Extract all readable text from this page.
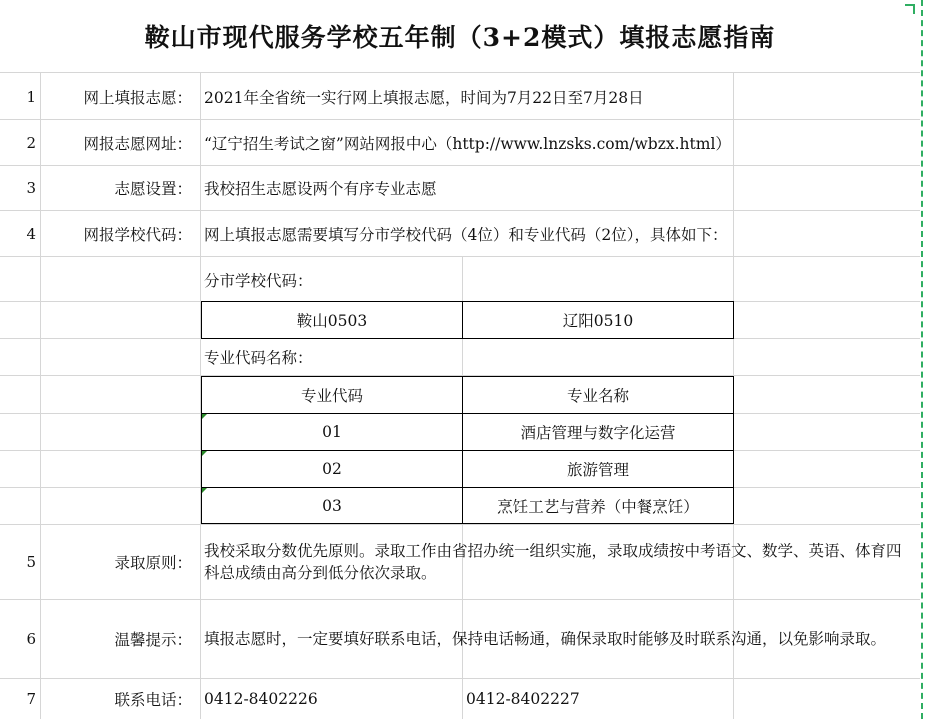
鞍山市现代服务学校五年制（3+2模式）填报志愿指南
1	网上填报志愿： 2021年全省统一实行网上填报志愿，时间为7月22日至7月28日
2	网报志愿网址： “辽宁招生考试之窗”网站网报中心（http://www.lnzsks.com/wbzx.html）
3	志愿设置： 我校招生志愿设两个有序专业志愿
4	网报学校代码： 网上填报志愿需要填写分市学校代码（4位）和专业代码（2位），具体如下：
分市学校代码：
鞍山0503	辽阳0510
专业代码名称：
专业代码	专业名称
01	酒店管理与数字化运营
02	旅游管理
03	烹饪工艺与营养（中餐烹饪）
5	录取原则：
我校采取分数优先原则。录取工作由省招办统一组织实施，录取成绩按中考语文、数学、英语、体育四科总成绩由高分到低分依次录取。
6	温馨提示： 填报志愿时，一定要填好联系电话，保持电话畅通，确保录取时能够及时联系沟通，以免影响录取。
7	联系电话： 0412-8402226	0412-8402227
